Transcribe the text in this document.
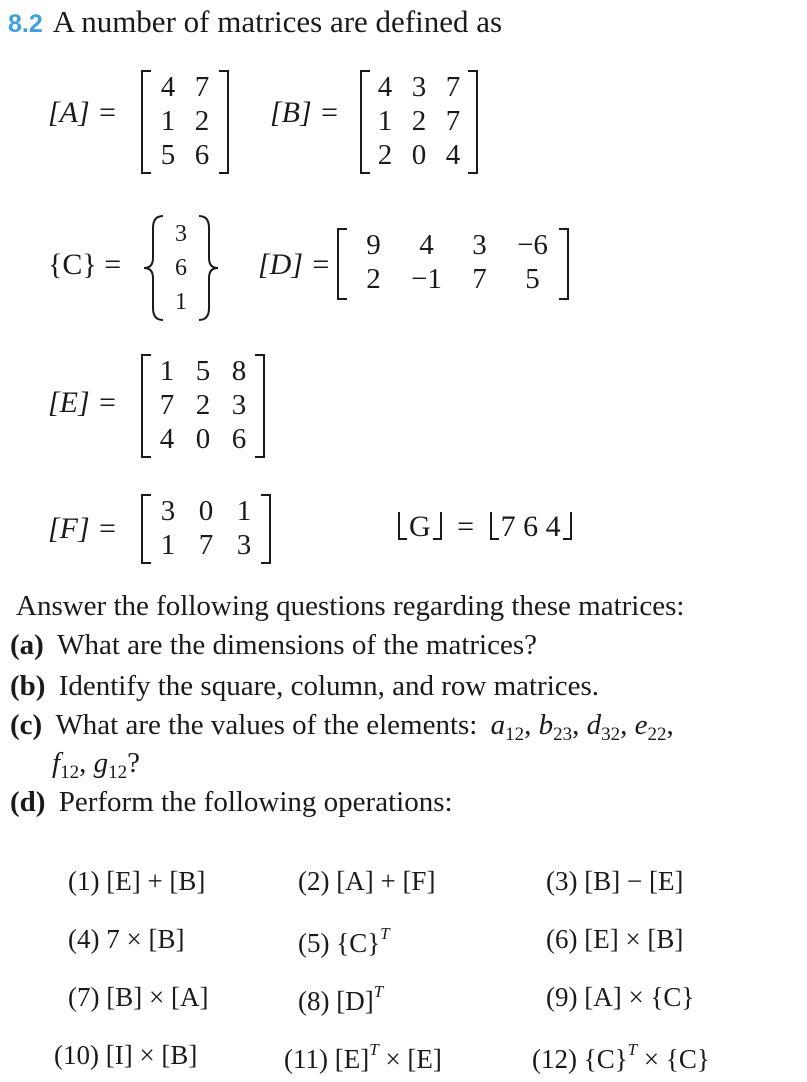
8.2 A number of matrices are defined as
[A] =
4 7
1 2
5 6
[B] =
4 3 7
1 2 7
2 0 4
{C} =
3
6
1
[D] =
9	4	3	−6
2	−1	7	5
[E] =
1 5 8
7 2 3
4 0 6
[F] =
3 0 1
1 7 3
G = 7 6 4
Answer the following questions regarding these matrices:
(a) What are the dimensions of the matrices?
(b) Identify the square, column, and row matrices.
(c) What are the values of the elements: $a_{12}$, $b_{23}$, $d_{32}$, $e_{22}$,
$f_{12}$, $g_{12}$?
(d) Perform the following operations:
(1) [E] + [B]	(2) [A] + [F]	(3) [B] − [E]
(4) 7 × [B]	(5) $\{C\}^T$	(6) [E] × [B]
(7) [B] × [A]	(8) $[D]^T$	(9) [A] × {C}
(10) [I] × [B]	(11) $[E]^T \times [E]$	(12) $\{C\}^T \times \{C\}$
